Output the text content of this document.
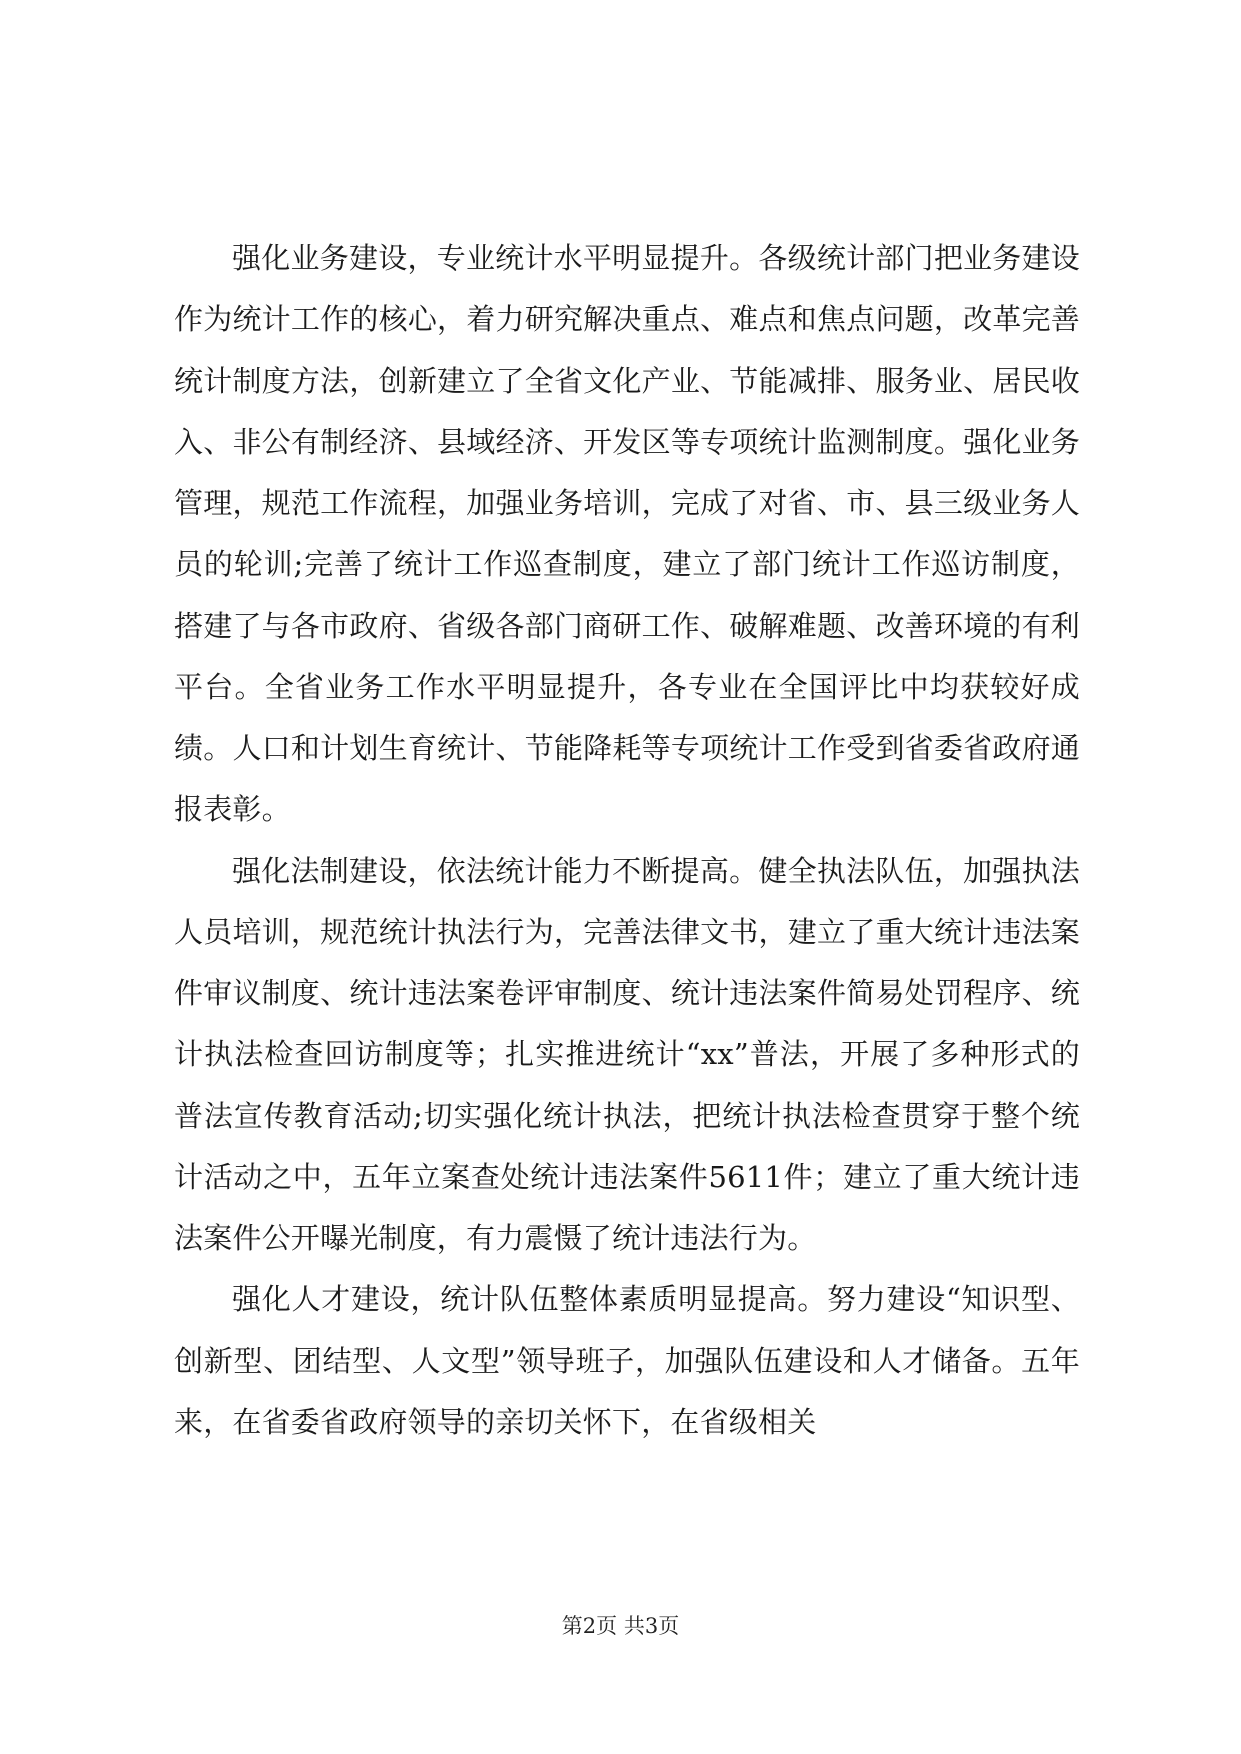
强化业务建设，专业统计水平明显提升。各级统计部门把业务建设作为统计工作的核心，着力研究解决重点、难点和焦点问题，改革完善统计制度方法，创新建立了全省文化产业、节能减排、服务业、居民收入、非公有制经济、县域经济、开发区等专项统计监测制度。强化业务管理，规范工作流程，加强业务培训，完成了对省、市、县三级业务人员的轮训;完善了统计工作巡查制度，建立了部门统计工作巡访制度，搭建了与各市政府、省级各部门商研工作、破解难题、改善环境的有利平台。全省业务工作水平明显提升，各专业在全国评比中均获较好成绩。人口和计划生育统计、节能降耗等专项统计工作受到省委省政府通报表彰。

强化法制建设，依法统计能力不断提高。健全执法队伍，加强执法人员培训，规范统计执法行为，完善法律文书，建立了重大统计违法案件审议制度、统计违法案卷评审制度、统计违法案件简易处罚程序、统计执法检查回访制度等；扎实推进统计“xx”普法，开展了多种形式的普法宣传教育活动;切实强化统计执法，把统计执法检查贯穿于整个统计活动之中，五年立案查处统计违法案件5611件；建立了重大统计违法案件公开曝光制度，有力震慑了统计违法行为。

强化人才建设，统计队伍整体素质明显提高。努力建设“知识型、创新型、团结型、人文型”领导班子，加强队伍建设和人才储备。五年来，在省委省政府领导的亲切关怀下，在省级相关

第2页 共3页
